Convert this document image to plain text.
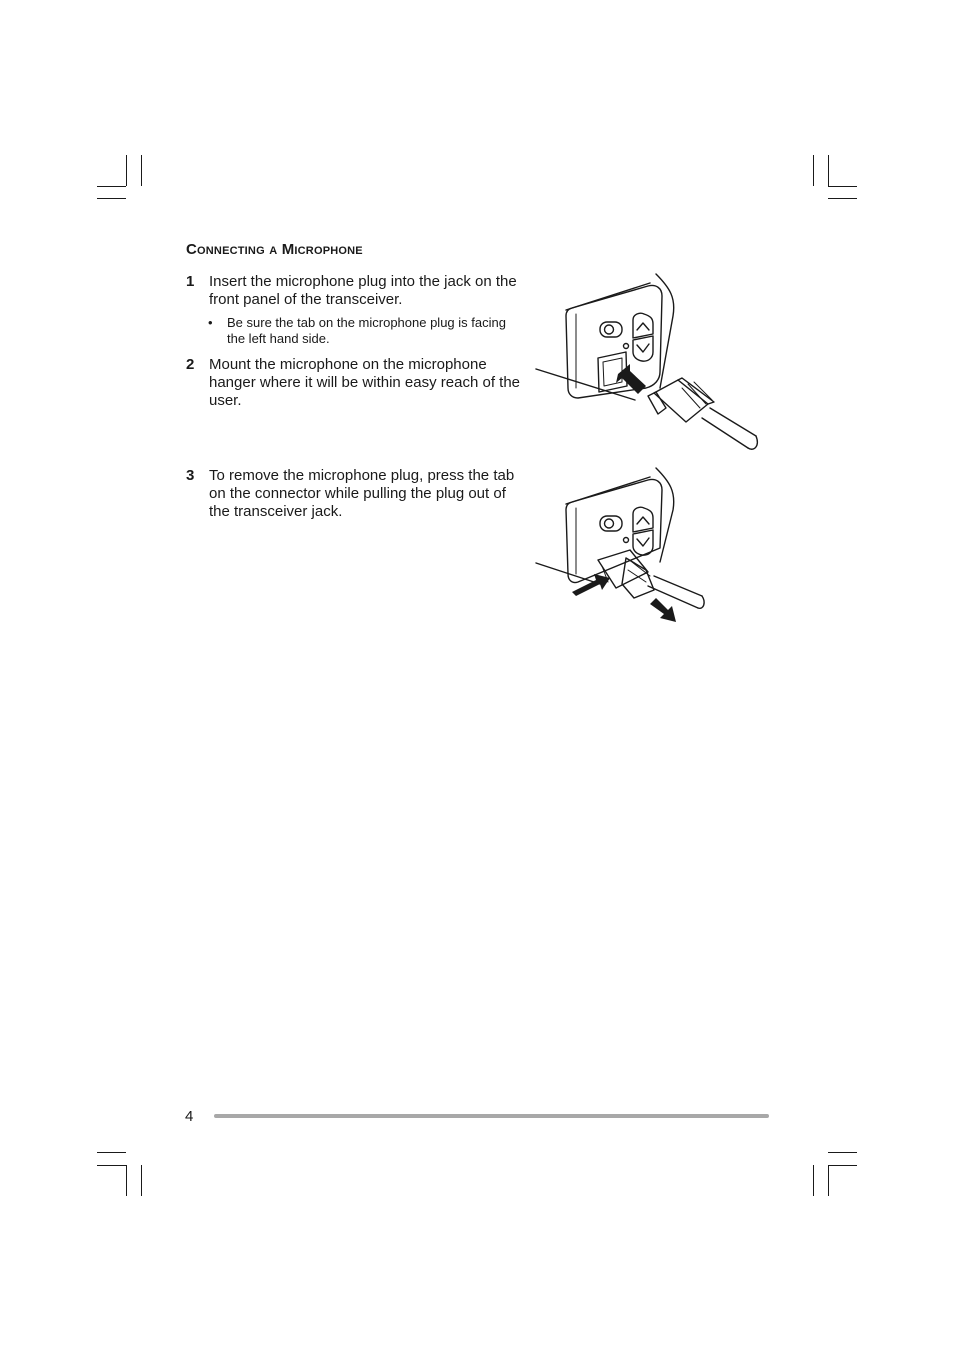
Connecting a Microphone
1 Insert the microphone plug into the jack on the front panel of the transceiver.
• Be sure the tab on the microphone plug is facing the left hand side.
2 Mount the microphone on the microphone hanger where it will be within easy reach of the user.
3 To remove the microphone plug, press the tab on the connector while pulling the plug out of the transceiver jack.
4
